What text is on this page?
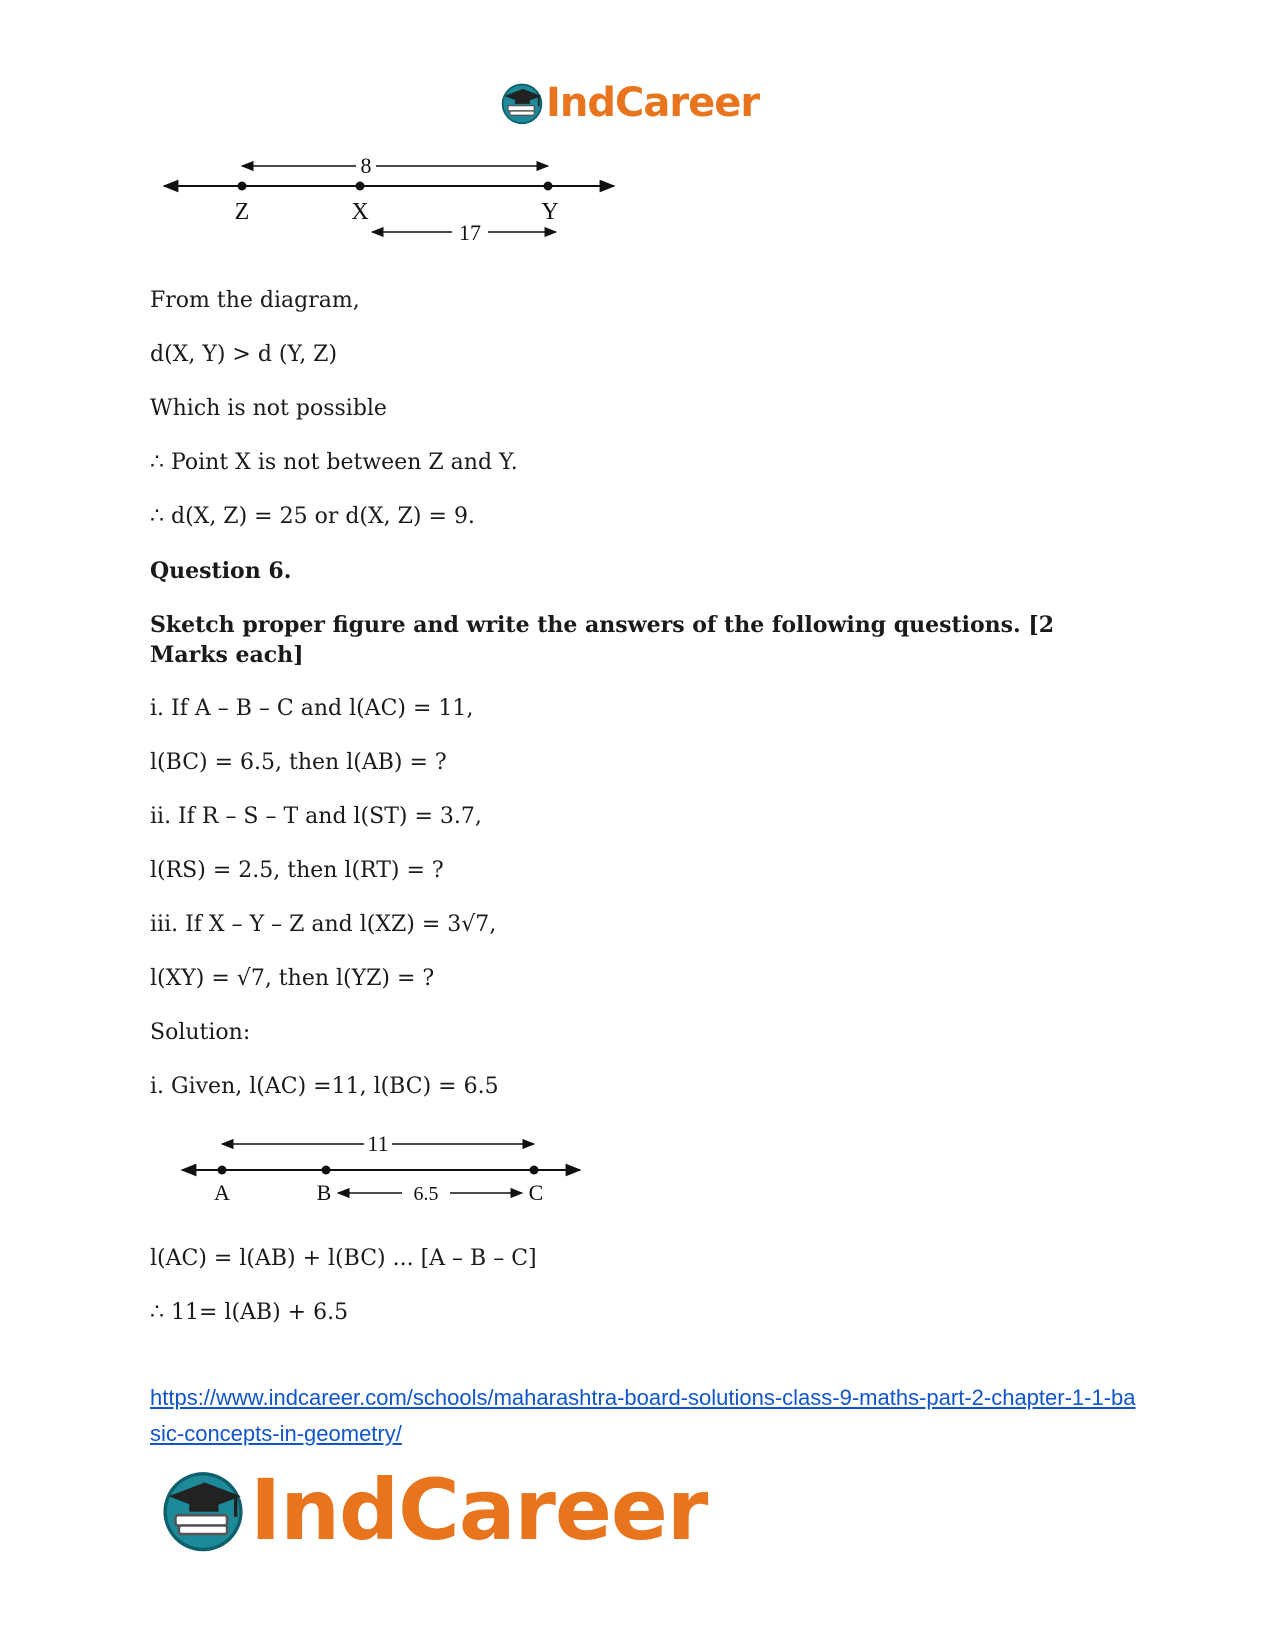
IndCareer
8
Z	X	Y
17
From the diagram,
d(X, Y) > d (Y, Z)
Which is not possible
∴ Point X is not between Z and Y.
∴ d(X, Z) = 25 or d(X, Z) = 9.
Question 6.
Sketch proper figure and write the answers of the following questions. [2 Marks each]
i. If A – B – C and l(AC) = 11,
l(BC) = 6.5, then l(AB) = ?
ii. If R – S – T and l(ST) = 3.7,
l(RS) = 2.5, then l(RT) = ?
iii. If X – Y – Z and l(XZ) = 3√7,
l(XY) = √7, then l(YZ) = ?
Solution:
i. Given, l(AC) =11, l(BC) = 6.5
11
A	B	6.5	C
l(AC) = l(AB) + l(BC) ... [A – B – C]
∴ 11= l(AB) + 6.5
https://www.indcareer.com/schools/maharashtra-board-solutions-class-9-maths-part-2-chapter-1-1-basic-concepts-in-geometry/
IndCareer
